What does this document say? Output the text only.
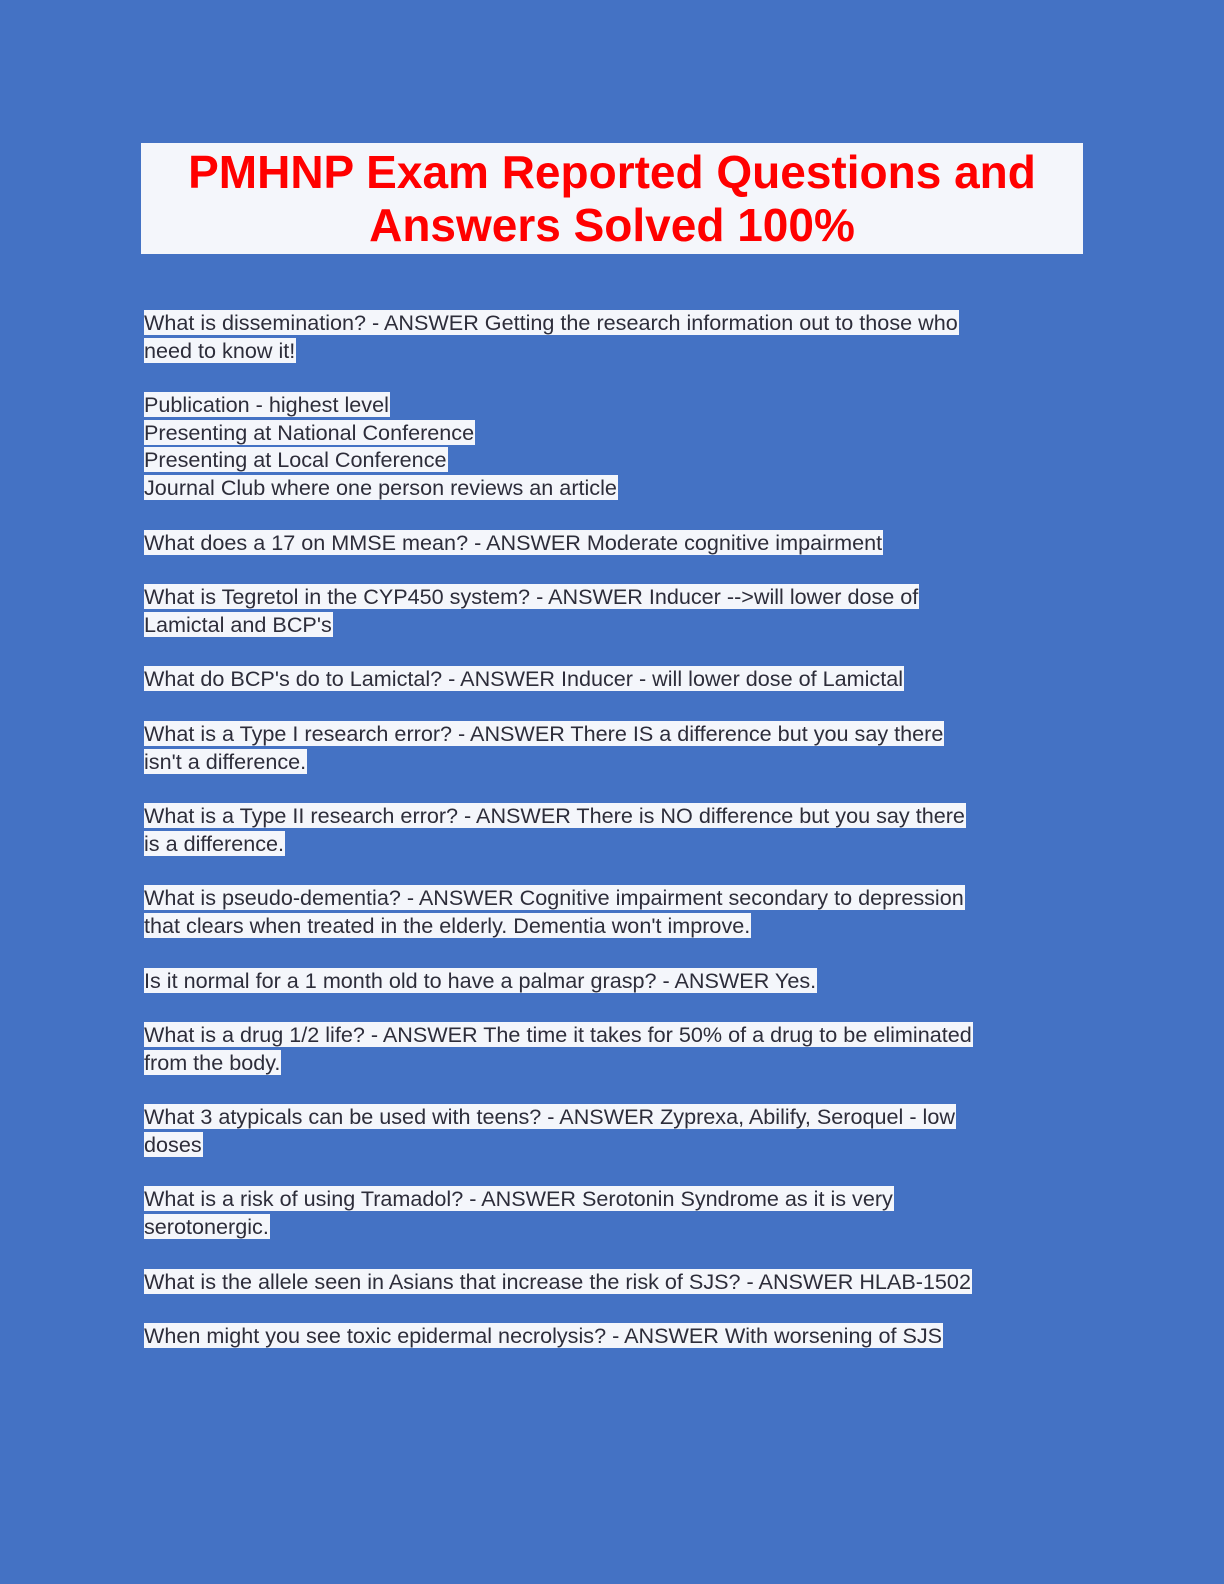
PMHNP Exam Reported Questions and
Answers Solved 100%
What is dissemination? - ANSWER Getting the research information out to those who
need to know it!
Publication - highest level
Presenting at National Conference
Presenting at Local Conference
Journal Club where one person reviews an article
What does a 17 on MMSE mean? - ANSWER Moderate cognitive impairment
What is Tegretol in the CYP450 system? - ANSWER Inducer -->will lower dose of
Lamictal and BCP's
What do BCP's do to Lamictal? - ANSWER Inducer - will lower dose of Lamictal
What is a Type I research error? - ANSWER There IS a difference but you say there
isn't a difference.
What is a Type II research error? - ANSWER There is NO difference but you say there
is a difference.
What is pseudo-dementia? - ANSWER Cognitive impairment secondary to depression
that clears when treated in the elderly. Dementia won't improve.
Is it normal for a 1 month old to have a palmar grasp? - ANSWER Yes.
What is a drug 1/2 life? - ANSWER The time it takes for 50% of a drug to be eliminated
from the body.
What 3 atypicals can be used with teens? - ANSWER Zyprexa, Abilify, Seroquel - low
doses
What is a risk of using Tramadol? - ANSWER Serotonin Syndrome as it is very
serotonergic.
What is the allele seen in Asians that increase the risk of SJS? - ANSWER HLAB-1502
When might you see toxic epidermal necrolysis? - ANSWER With worsening of SJS
